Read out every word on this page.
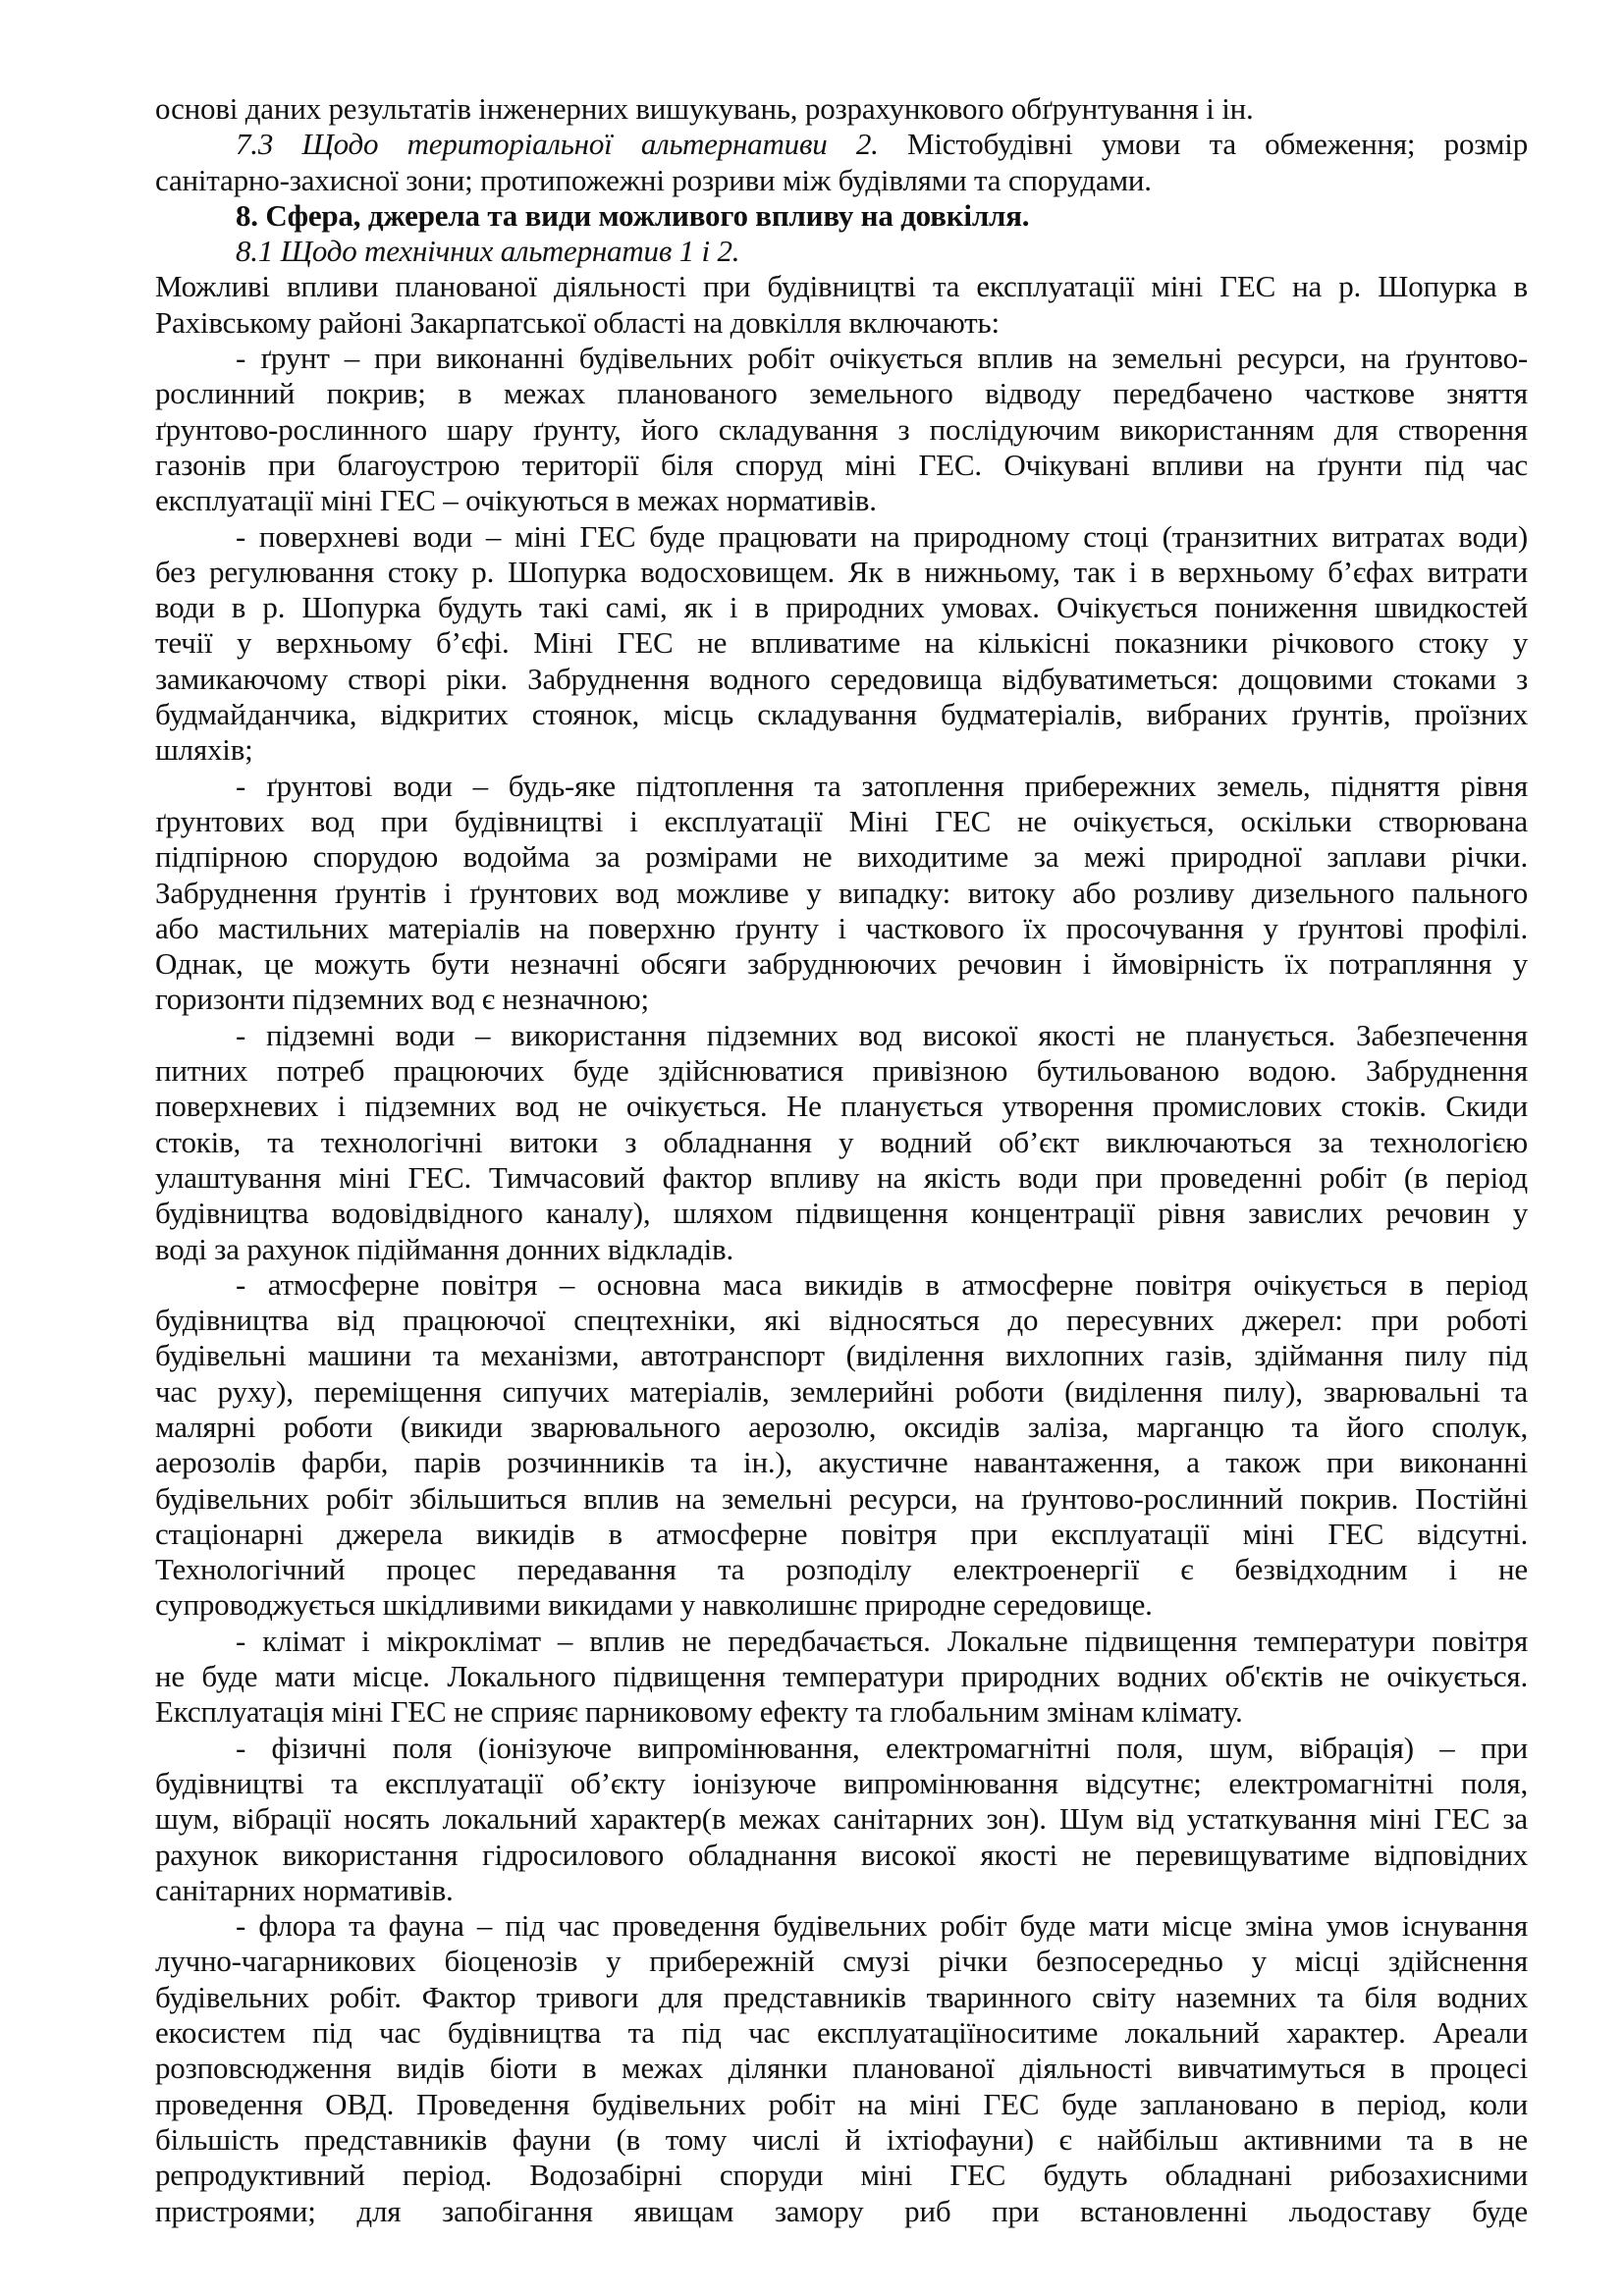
основі даних результатів інженерних вишукувань, розрахункового обґрунтування і ін.
7.3 Щодо територіальної альтернативи 2. Містобудівні умови та обмеження; розмір
санітарно-захисної зони; протипожежні розриви між будівлями та спорудами.
8. Сфера, джерела та види можливого впливу на довкілля.
8.1 Щодо технічних альтернатив 1 і 2.
Можливі впливи планованої діяльності при будівництві та експлуатації міні ГЕС на р. Шопурка в
Рахівському районі Закарпатської області на довкілля включають:
- ґрунт – при виконанні будівельних робіт очікується вплив на земельні ресурси, на ґрунтово-
рослинний покрив; в межах планованого земельного відводу передбачено часткове зняття
ґрунтово-рослинного шару ґрунту, його складування з послідуючим використанням для створення
газонів при благоустрою території біля споруд міні ГЕС. Очікувані впливи на ґрунти під час
експлуатації міні ГЕС – очікуються в межах нормативів.
- поверхневі води – міні ГЕС буде працювати на природному стоці (транзитних витратах води)
без регулювання стоку р. Шопурка водосховищем. Як в нижньому, так і в верхньому б’єфах витрати
води в р. Шопурка будуть такі самі, як і в природних умовах. Очікується пониження швидкостей
течії у верхньому б’єфі. Міні ГЕС не впливатиме на кількісні показники річкового стоку у
замикаючому створі ріки. Забруднення водного середовища відбуватиметься: дощовими стоками з
будмайданчика, відкритих стоянок, місць складування будматеріалів, вибраних ґрунтів, проїзних
шляхів;
- ґрунтові води – будь-яке підтоплення та затоплення прибережних земель, підняття рівня
ґрунтових вод при будівництві і експлуатації Міні ГЕС не очікується, оскільки створювана
підпірною спорудою водойма за розмірами не виходитиме за межі природної заплави річки.
Забруднення ґрунтів і ґрунтових вод можливе у випадку: витоку або розливу дизельного пального
або мастильних матеріалів на поверхню ґрунту і часткового їх просочування у ґрунтові профілі.
Однак, це можуть бути незначні обсяги забруднюючих речовин і ймовірність їх потрапляння у
горизонти підземних вод є незначною;
- підземні води – використання підземних вод високої якості не планується. Забезпечення
питних потреб працюючих буде здійснюватися привізною бутильованою водою. Забруднення
поверхневих і підземних вод не очікується. Не планується утворення промислових стоків. Скиди
стоків, та технологічні витоки з обладнання у водний об’єкт виключаються за технологією
улаштування міні ГЕС. Тимчасовий фактор впливу на якість води при проведенні робіт (в період
будівництва водовідвідного каналу), шляхом підвищення концентрації рівня завислих речовин у
воді за рахунок підіймання донних відкладів.
- атмосферне повітря – основна маса викидів в атмосферне повітря очікується в період
будівництва від працюючої спецтехніки, які відносяться до пересувних джерел: при роботі
будівельні машини та механізми, автотранспорт (виділення вихлопних газів, здіймання пилу під
час руху), переміщення сипучих матеріалів, землерийні роботи (виділення пилу), зварювальні та
малярні роботи (викиди зварювального аерозолю, оксидів заліза, марганцю та його сполук,
аерозолів фарби, парів розчинників та ін.), акустичне навантаження, а також при виконанні
будівельних робіт збільшиться вплив на земельні ресурси, на ґрунтово-рослинний покрив. Постійні
стаціонарні джерела викидів в атмосферне повітря при експлуатації міні ГЕС відсутні.
Технологічний процес передавання та розподілу електроенергії є безвідходним і не
супроводжується шкідливими викидами у навколишнє природне середовище.
- клімат і мікроклімат – вплив не передбачається. Локальне підвищення температури повітря
не буде мати місце. Локального підвищення температури природних водних об'єктів не очікується.
Експлуатація міні ГЕС не сприяє парниковому ефекту та глобальним змінам клімату.
- фізичні поля (іонізуюче випромінювання, електромагнітні поля, шум, вібрація) – при
будівництві та експлуатації об’єкту іонізуюче випромінювання відсутнє; електромагнітні поля,
шум, вібрації носять локальний характер(в межах санітарних зон). Шум від устаткування міні ГЕС за
рахунок використання гідросилового обладнання високої якості не перевищуватиме відповідних
санітарних нормативів.
- флора та фауна – під час проведення будівельних робіт буде мати місце зміна умов існування
лучно-чагарникових біоценозів у прибережній смузі річки безпосередньо у місці здійснення
будівельних робіт. Фактор тривоги для представників тваринного світу наземних та біля водних
екосистем під час будівництва та під час експлуатаціїноситиме локальний характер. Ареали
розповсюдження видів біоти в межах ділянки планованої діяльності вивчатимуться в процесі
проведення ОВД. Проведення будівельних робіт на міні ГЕС буде заплановано в період, коли
більшість представників фауни (в тому числі й іхтіофауни) є найбільш активними та в не
репродуктивний період. Водозабірні споруди міні ГЕС будуть обладнані рибозахисними
пристроями; для запобігання явищам замору риб при встановленні льодоставу буде
